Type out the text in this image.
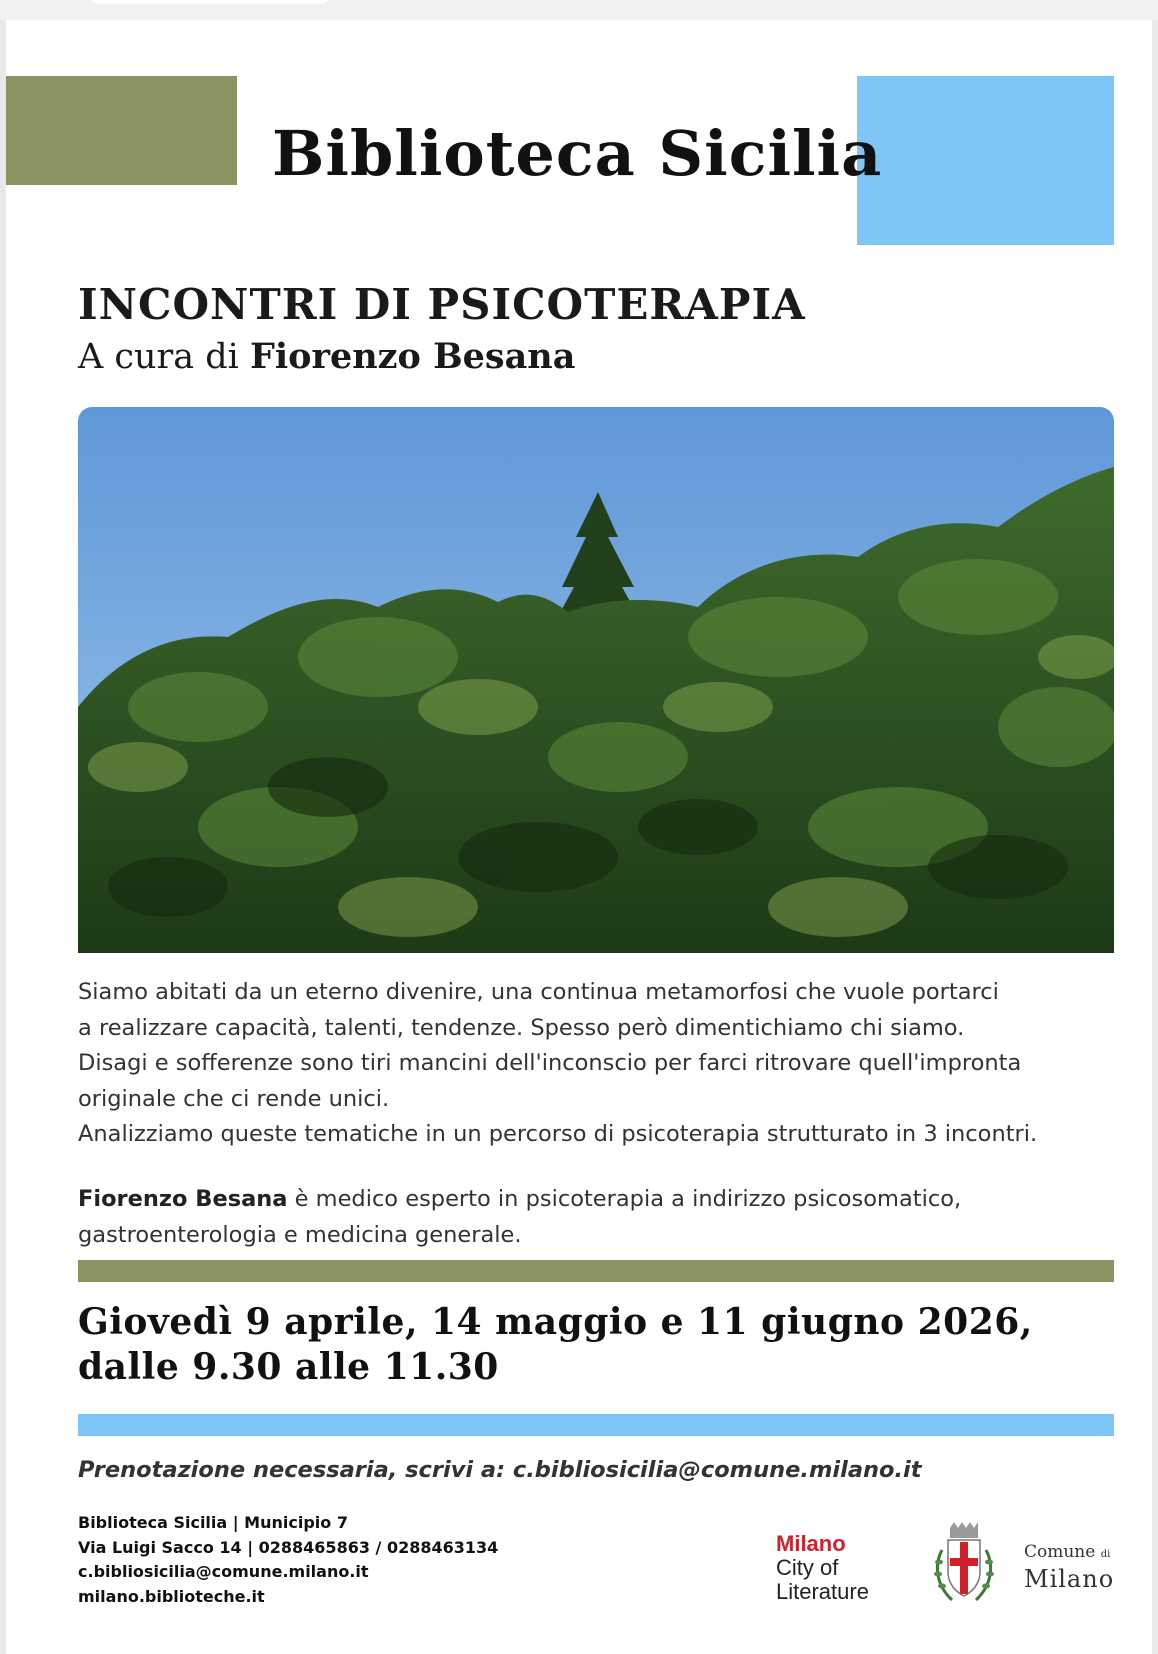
Biblioteca Sicilia
INCONTRI DI PSICOTERAPIA

A cura di Fiorenzo Besana

Siamo abitati da un eterno divenire, una continua metamorfosi che vuole portarci

a realizzare capacità, talenti, tendenze. Spesso però dimentichiamo chi siamo.

Disagi e sofferenze sono tiri mancini dell'inconscio per farci ritrovare quell'impronta

originale che ci rende unici.

Analizziamo queste tematiche in un percorso di psicoterapia strutturato in 3 incontri.

Fiorenzo Besana è medico esperto in psicoterapia a indirizzo psicosomatico,
gastroenterologia e medicina generale.
Giovedì 9 aprile, 14 maggio e 11 giugno 2026,
dalle 9.30 alle 11.30

Prenotazione necessaria, scrivi a: c.bibliosicilia@comune.milano.it

Biblioteca Sicilia | Municipio 7
Via Luigi Sacco 14 | 0288465863 / 0288463134
c.bibliosicilia@comune.milano.it
milano.biblioteche.it
Milano
City of
Literature
Comune di
Milano
